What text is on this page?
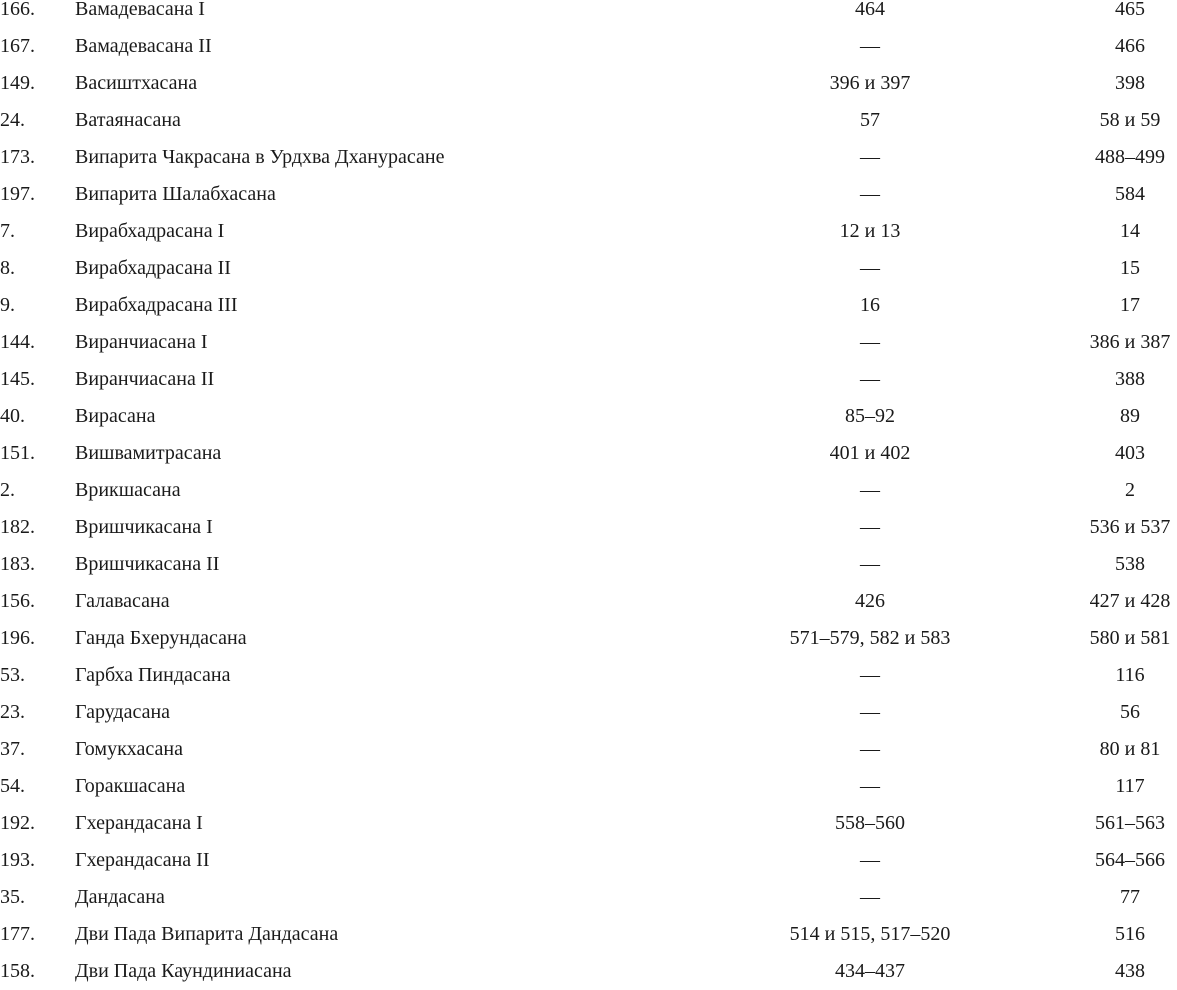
166. Вамадевасана I	464	465
167. Вамадевасана II	—	466
149. Васиштхасана	396 и 397	398
24.	Ватаянасана	57	58 и 59
173. Випарита Чакрасана в Урдхва Дханурасане	—	488–499
197. Випарита Шалабхасана	—	584
7.	Вирабхадрасана I	12 и 13	14
8.	Вирабхадрасана II	—	15
9.	Вирабхадрасана III	16	17
144. Виранчиасана I	—	386 и 387
145. Виранчиасана II	—	388
40.	Вирасана	85–92	89
151. Вишвамитрасана	401 и 402	403
2.	Врикшасана	—	2
182. Вришчикасана I	—	536 и 537
183. Вришчикасана II	—	538
156. Галавасана	426	427 и 428
196. Ганда Бхерундасана	571–579, 582 и 583	580 и 581
53.	Гарбха Пиндасана	—	116
23.	Гарудасана	—	56
37.	Гомукхасана	—	80 и 81
54.	Горакшасана	—	117
192. Гхерандасана I	558–560	561–563
193. Гхерандасана II	—	564–566
35.	Дандасана	—	77
177. Дви Пада Випарита Дандасана	514 и 515, 517–520	516
158. Дви Пада Каундиниасана	434–437	438
